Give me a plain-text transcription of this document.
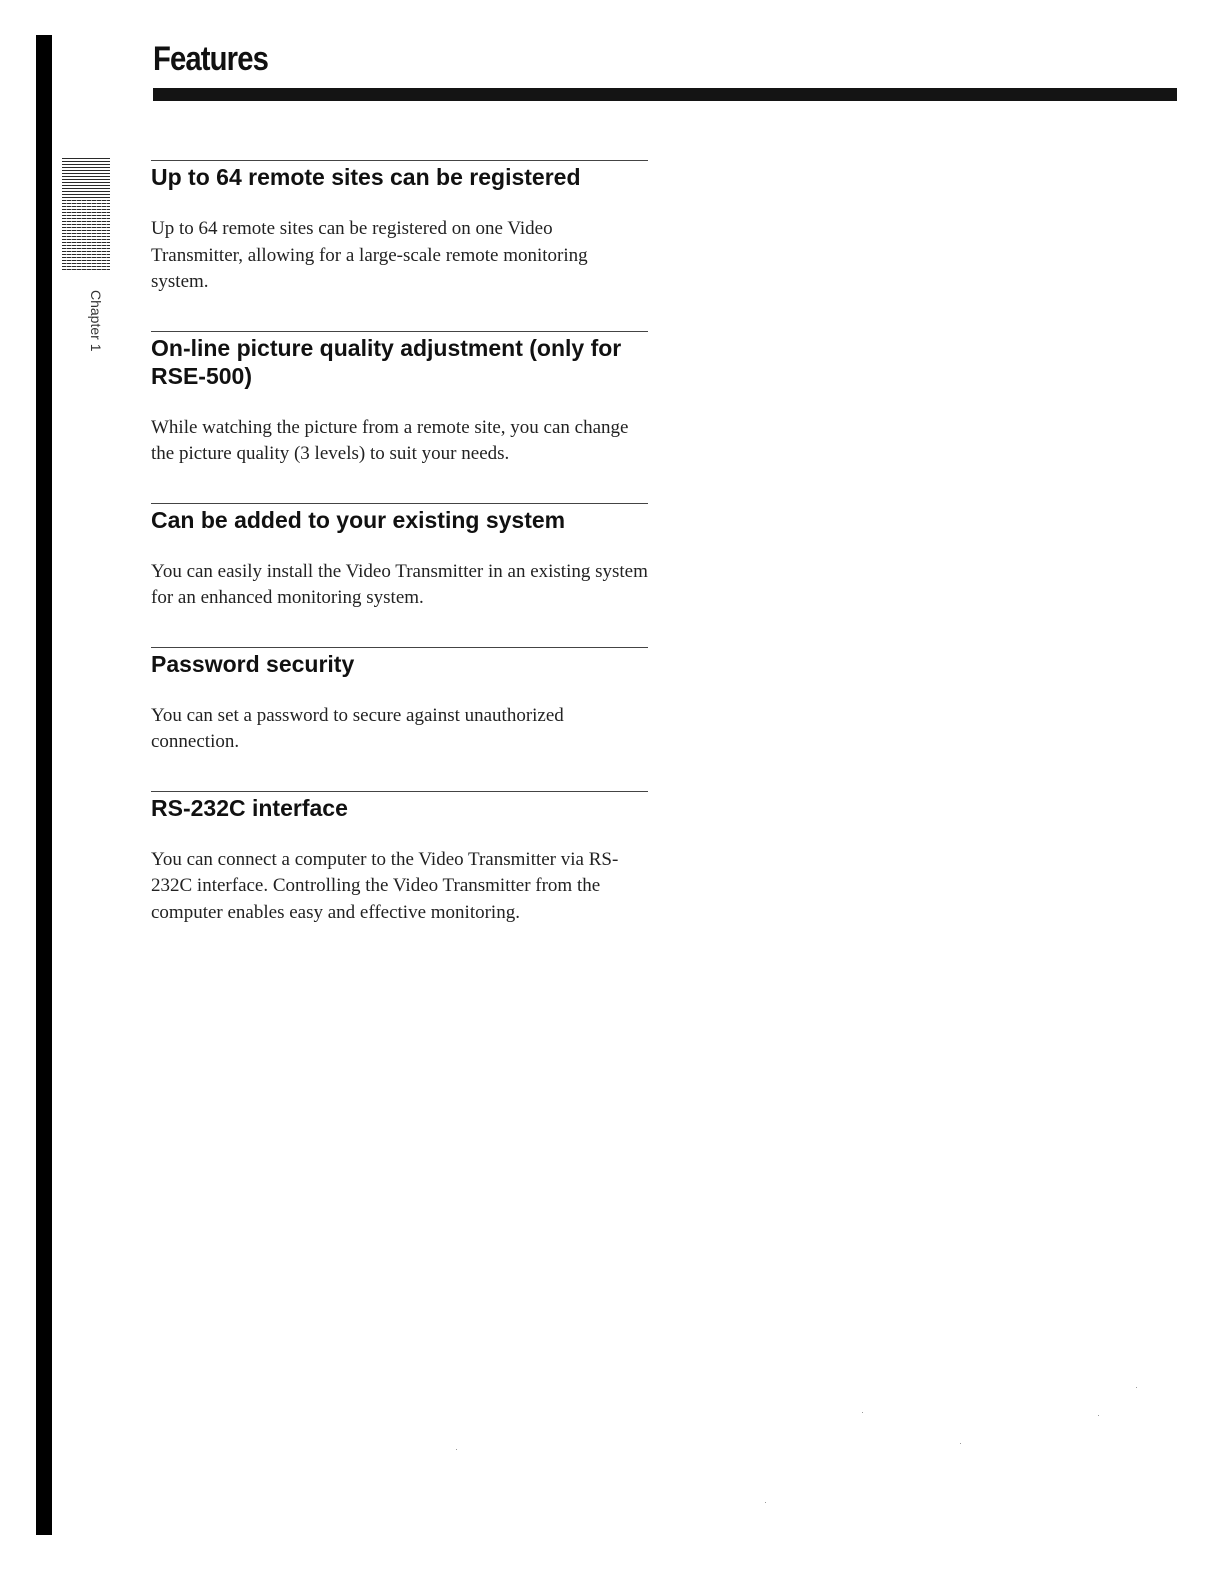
Chapter 1
Features
Up to 64 remote sites can be registered

Up to 64 remote sites can be registered on one Video Transmitter, allowing for a large-scale remote monitoring system.

On-line picture quality adjustment (only for RSE-500)

While watching the picture from a remote site, you can change the picture quality (3 levels) to suit your needs.

Can be added to your existing system

You can easily install the Video Transmitter in an existing system for an enhanced monitoring system.

Password security

You can set a password to secure against unauthorized connection.

RS-232C interface

You can connect a computer to the Video Transmitter via RS-232C interface. Controlling the Video Transmitter from the computer enables easy and effective monitoring.
